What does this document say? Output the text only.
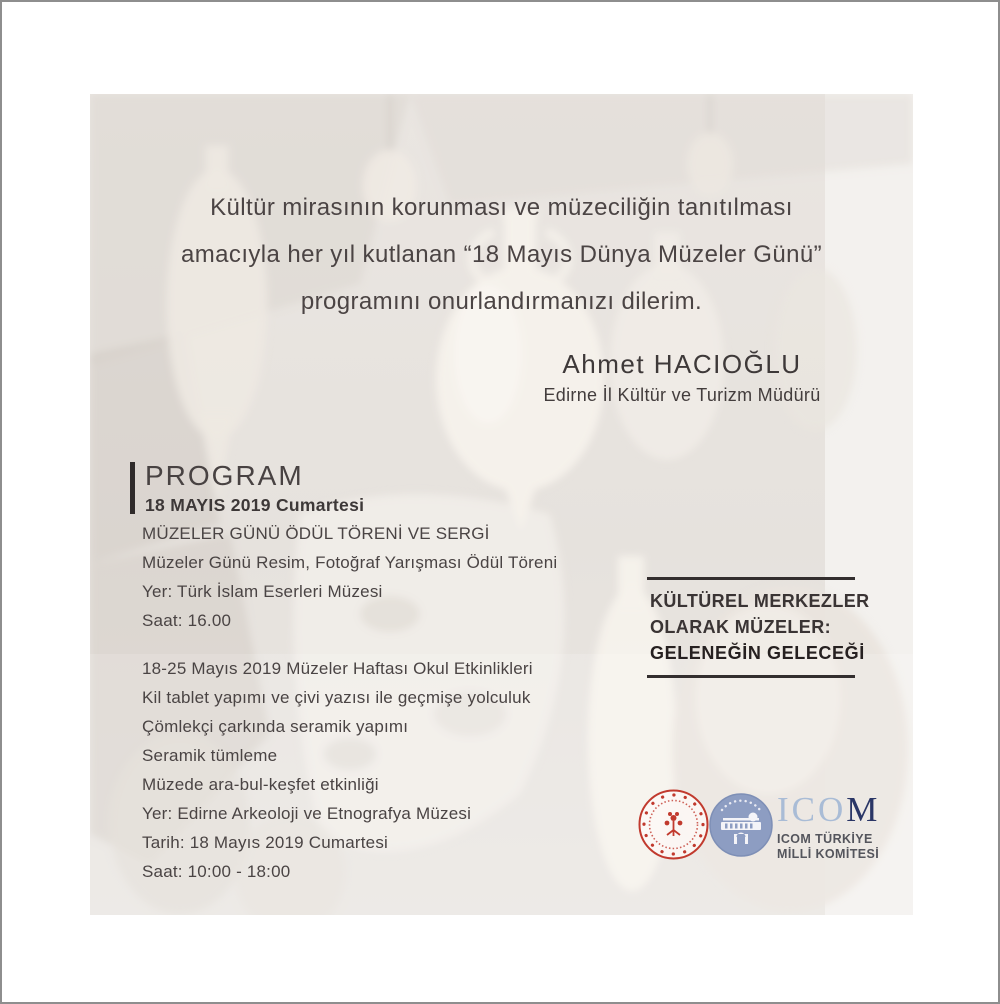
Kültür mirasının korunması ve müzeciliğin tanıtılması
amacıyla her yıl kutlanan “18 Mayıs Dünya Müzeler Günü”
programını onurlandırmanızı dilerim.
Ahmet HACIOĞLU
Edirne İl Kültür ve Turizm Müdürü
PROGRAM
18 MAYIS 2019 Cumartesi
MÜZELER GÜNÜ ÖDÜL TÖRENİ VE SERGİ
Müzeler Günü Resim, Fotoğraf Yarışması Ödül Töreni
Yer: Türk İslam Eserleri Müzesi
Saat: 16.00
18-25 Mayıs 2019 Müzeler Haftası Okul Etkinlikleri
Kil tablet yapımı ve çivi yazısı ile geçmişe yolculuk
Çömlekçi çarkında seramik yapımı
Seramik tümleme
Müzede ara-bul-keşfet etkinliği
Yer: Edirne Arkeoloji ve Etnografya Müzesi
Tarih: 18 Mayıs 2019 Cumartesi
Saat: 10:00 - 18:00
KÜLTÜREL MERKEZLER
OLARAK MÜZELER:
GELENEĞİN GELECEĞİ
ICOM
ICOM TÜRKİYE
MİLLİ KOMİTESİ
